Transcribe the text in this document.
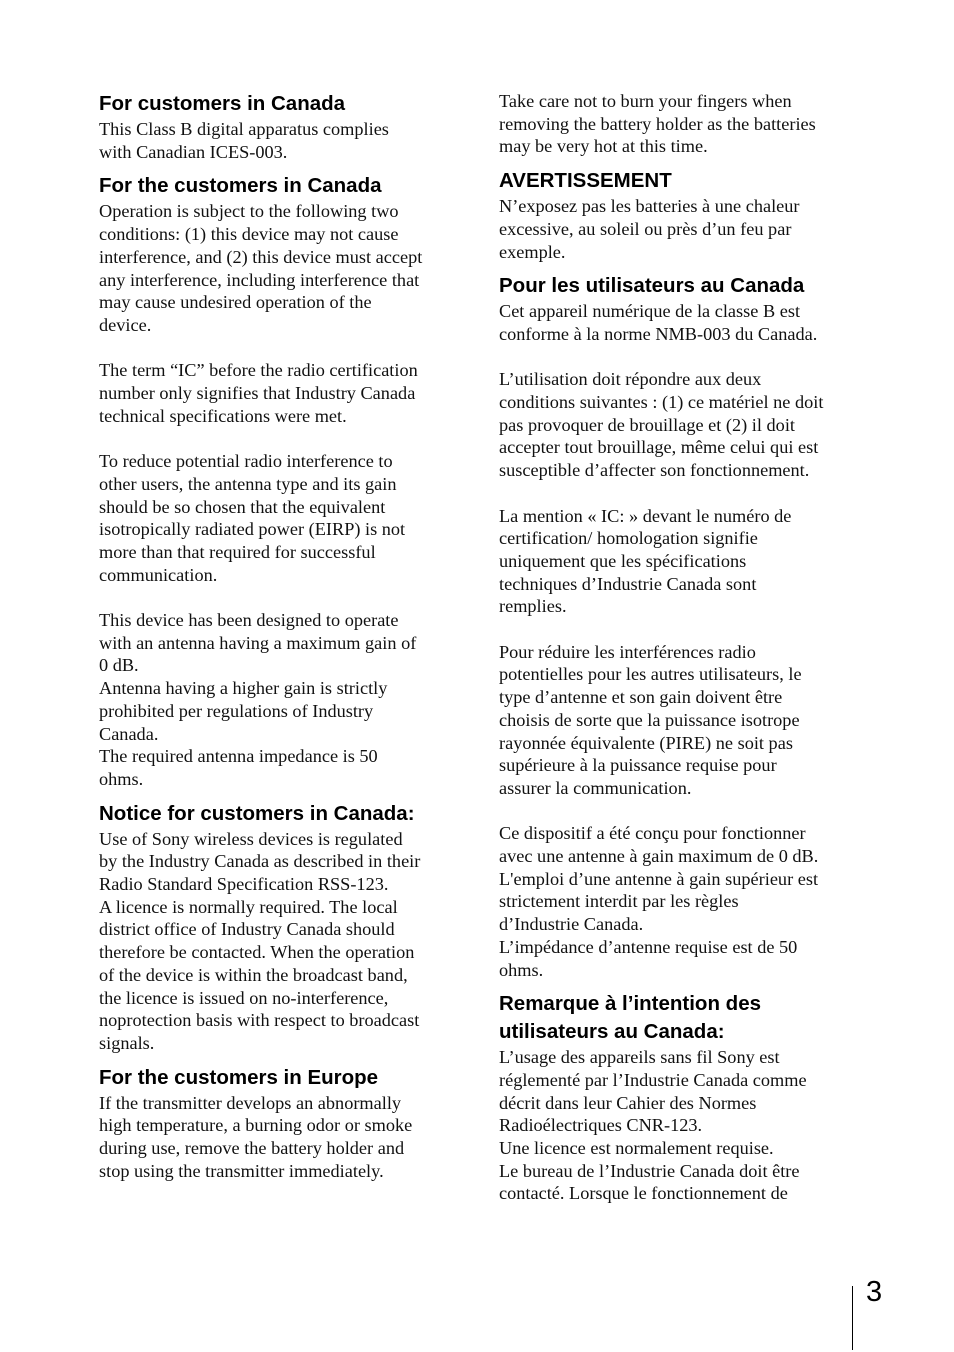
For customers in Canada

This Class B digital apparatus complies
with Canadian ICES-003.

For the customers in Canada

Operation is subject to the following two
conditions: (1) this device may not cause
interference, and (2) this device must accept
any interference, including interference that
may cause undesired operation of the
device.

The term “IC” before the radio certification
number only signifies that Industry Canada
technical specifications were met.

To reduce potential radio interference to
other users, the antenna type and its gain
should be so chosen that the equivalent
isotropically radiated power (EIRP) is not
more than that required for successful
communication.

This device has been designed to operate
with an antenna having a maximum gain of
0 dB.
Antenna having a higher gain is strictly
prohibited per regulations of Industry
Canada.
The required antenna impedance is 50
ohms.

Notice for customers in Canada:

Use of Sony wireless devices is regulated
by the Industry Canada as described in their
Radio Standard Specification RSS-123.
A licence is normally required. The local
district office of Industry Canada should
therefore be contacted. When the operation
of the device is within the broadcast band,
the licence is issued on no-interference,
noprotection basis with respect to broadcast
signals.

For the customers in Europe

If the transmitter develops an abnormally
high temperature, a burning odor or smoke
during use, remove the battery holder and
stop using the transmitter immediately.

Take care not to burn your fingers when
removing the battery holder as the batteries
may be very hot at this time.

AVERTISSEMENT

N’exposez pas les batteries à une chaleur
excessive, au soleil ou près d’un feu par
exemple.

Pour les utilisateurs au Canada

Cet appareil numérique de la classe B est
conforme à la norme NMB-003 du Canada.

L’utilisation doit répondre aux deux
conditions suivantes : (1) ce matériel ne doit
pas provoquer de brouillage et (2) il doit
accepter tout brouillage, même celui qui est
susceptible d’affecter son fonctionnement.

La mention « IC: » devant le numéro de
certification/ homologation signifie
uniquement que les spécifications
techniques d’Industrie Canada sont
remplies.

Pour réduire les interférences radio
potentielles pour les autres utilisateurs, le
type d’antenne et son gain doivent être
choisis de sorte que la puissance isotrope
rayonnée équivalente (PIRE) ne soit pas
supérieure à la puissance requise pour
assurer la communication.

Ce dispositif a été conçu pour fonctionner
avec une antenne à gain maximum de 0 dB.
L'emploi d’une antenne à gain supérieur est
strictement interdit par les règles
d’Industrie Canada.
L’impédance d’antenne requise est de 50
ohms.

Remarque à l’intention des
utilisateurs au Canada:

L’usage des appareils sans fil Sony est
réglementé par l’Industrie Canada comme
décrit dans leur Cahier des Normes
Radioélectriques CNR-123.
Une licence est normalement requise.
Le bureau de l’Industrie Canada doit être
contacté. Lorsque le fonctionnement de

3
